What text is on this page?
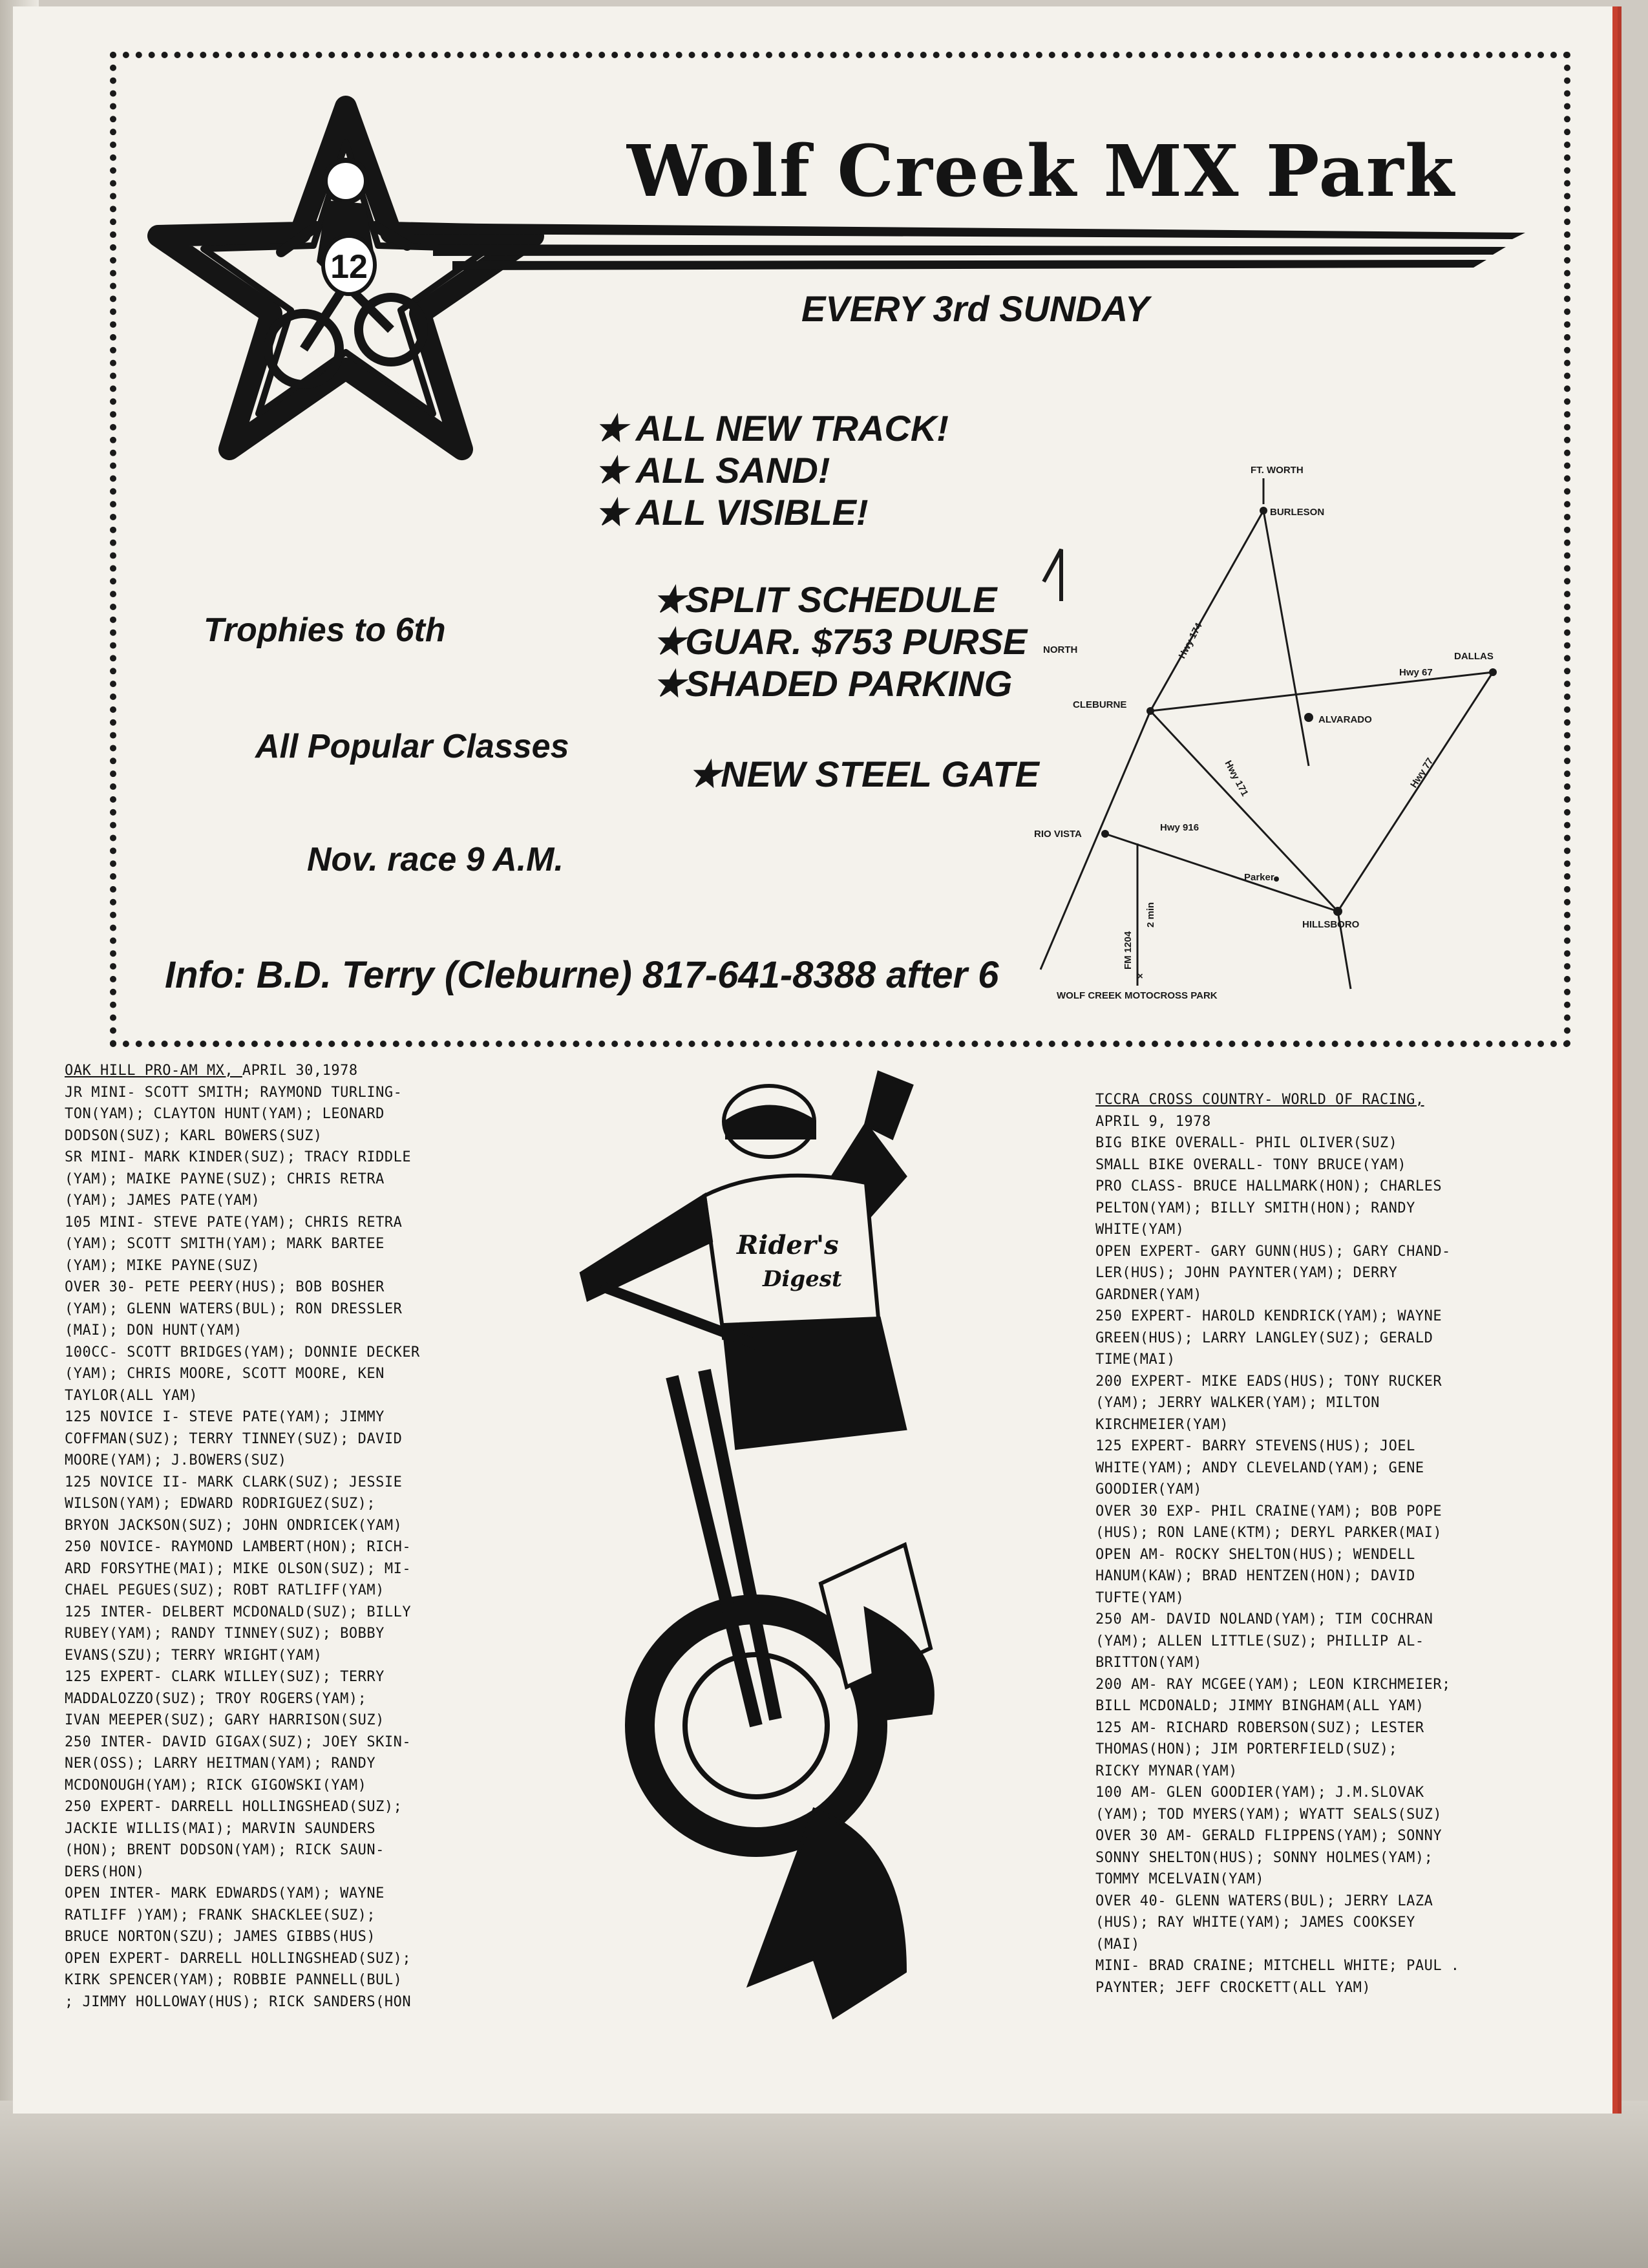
12
Wolf Creek MX Park
EVERY 3rd SUNDAY
★ ALL NEW TRACK!
★ ALL SAND!
★ ALL VISIBLE!
★SPLIT SCHEDULE
★GUAR. $753 PURSE
★SHADED PARKING
★NEW STEEL GATE
Trophies to 6th
All Popular Classes
Nov. race 9 A.M.
Info: B.D. Terry (Cleburne) 817-641-8388 after 6	×
FT. WORTH
BURLESON
NORTH	Hwy 174	DALLAS
Hwy 67
CLEBURNE
ALVARADO
Hwy 171	Hwy 77
RIO VISTA
Hwy 916
Parker
FM 1204
2 min	HILLSBORO
WOLF CREEK MOTOCROSS PARK
OAK HILL PRO-AM MX, APRIL 30,1978
JR MINI- SCOTT SMITH; RAYMOND TURLING-
TON(YAM); CLAYTON HUNT(YAM); LEONARD
DODSON(SUZ); KARL BOWERS(SUZ)
SR MINI- MARK KINDER(SUZ); TRACY RIDDLE
(YAM); MAIKE PAYNE(SUZ); CHRIS RETRA
(YAM); JAMES PATE(YAM)
105 MINI- STEVE PATE(YAM); CHRIS RETRA
(YAM); SCOTT SMITH(YAM); MARK BARTEE
(YAM); MIKE PAYNE(SUZ)
OVER 30- PETE PEERY(HUS); BOB BOSHER
(YAM); GLENN WATERS(BUL); RON DRESSLER
(MAI); DON HUNT(YAM)
100CC- SCOTT BRIDGES(YAM); DONNIE DECKER
(YAM); CHRIS MOORE, SCOTT MOORE, KEN
TAYLOR(ALL YAM)
125 NOVICE I- STEVE PATE(YAM); JIMMY
COFFMAN(SUZ); TERRY TINNEY(SUZ); DAVID
MOORE(YAM); J.BOWERS(SUZ)
125 NOVICE II- MARK CLARK(SUZ); JESSIE
WILSON(YAM); EDWARD RODRIGUEZ(SUZ);
BRYON JACKSON(SUZ); JOHN ONDRICEK(YAM)
250 NOVICE- RAYMOND LAMBERT(HON); RICH-
ARD FORSYTHE(MAI); MIKE OLSON(SUZ); MI-
CHAEL PEGUES(SUZ); ROBT RATLIFF(YAM)
125 INTER- DELBERT MCDONALD(SUZ); BILLY
RUBEY(YAM); RANDY TINNEY(SUZ); BOBBY
EVANS(SZU); TERRY WRIGHT(YAM)
125 EXPERT- CLARK WILLEY(SUZ); TERRY
MADDALOZZO(SUZ); TROY ROGERS(YAM);
IVAN MEEPER(SUZ); GARY HARRISON(SUZ)
250 INTER- DAVID GIGAX(SUZ); JOEY SKIN-
NER(OSS); LARRY HEITMAN(YAM); RANDY
MCDONOUGH(YAM); RICK GIGOWSKI(YAM)
250 EXPERT- DARRELL HOLLINGSHEAD(SUZ);
JACKIE WILLIS(MAI); MARVIN SAUNDERS
(HON); BRENT DODSON(YAM); RICK SAUN-
DERS(HON)
OPEN INTER- MARK EDWARDS(YAM); WAYNE
RATLIFF )YAM); FRANK SHACKLEE(SUZ);
BRUCE NORTON(SZU); JAMES GIBBS(HUS)
OPEN EXPERT- DARRELL HOLLINGSHEAD(SUZ);
KIRK SPENCER(YAM); ROBBIE PANNELL(BUL)
; JIMMY HOLLOWAY(HUS); RICK SANDERS(HON
Rider's
Digest
40
TCCRA CROSS COUNTRY- WORLD OF RACING,
APRIL 9, 1978
BIG BIKE OVERALL- PHIL OLIVER(SUZ)
SMALL BIKE OVERALL- TONY BRUCE(YAM)
PRO CLASS- BRUCE HALLMARK(HON); CHARLES
PELTON(YAM); BILLY SMITH(HON); RANDY
WHITE(YAM)
OPEN EXPERT- GARY GUNN(HUS); GARY CHAND-
LER(HUS); JOHN PAYNTER(YAM); DERRY
GARDNER(YAM)
250 EXPERT- HAROLD KENDRICK(YAM); WAYNE
GREEN(HUS); LARRY LANGLEY(SUZ); GERALD
TIME(MAI)
200 EXPERT- MIKE EADS(HUS); TONY RUCKER
(YAM); JERRY WALKER(YAM); MILTON
KIRCHMEIER(YAM)
125 EXPERT- BARRY STEVENS(HUS); JOEL
WHITE(YAM); ANDY CLEVELAND(YAM); GENE
GOODIER(YAM)
OVER 30 EXP- PHIL CRAINE(YAM); BOB POPE
(HUS); RON LANE(KTM); DERYL PARKER(MAI)
OPEN AM- ROCKY SHELTON(HUS); WENDELL
HANUM(KAW); BRAD HENTZEN(HON); DAVID
TUFTE(YAM)
250 AM- DAVID NOLAND(YAM); TIM COCHRAN
(YAM); ALLEN LITTLE(SUZ); PHILLIP AL-
BRITTON(YAM)
200 AM- RAY MCGEE(YAM); LEON KIRCHMEIER;
BILL MCDONALD; JIMMY BINGHAM(ALL YAM)
125 AM- RICHARD ROBERSON(SUZ); LESTER
THOMAS(HON); JIM PORTERFIELD(SUZ);
RICKY MYNAR(YAM)
100 AM- GLEN GOODIER(YAM); J.M.SLOVAK
(YAM); TOD MYERS(YAM); WYATT SEALS(SUZ)
OVER 30 AM- GERALD FLIPPENS(YAM); SONNY
SONNY SHELTON(HUS); SONNY HOLMES(YAM);
TOMMY MCELVAIN(YAM)
OVER 40- GLENN WATERS(BUL); JERRY LAZA
(HUS); RAY WHITE(YAM); JAMES COOKSEY
(MAI)
MINI- BRAD CRAINE; MITCHELL WHITE; PAUL .
PAYNTER; JEFF CROCKETT(ALL YAM)
